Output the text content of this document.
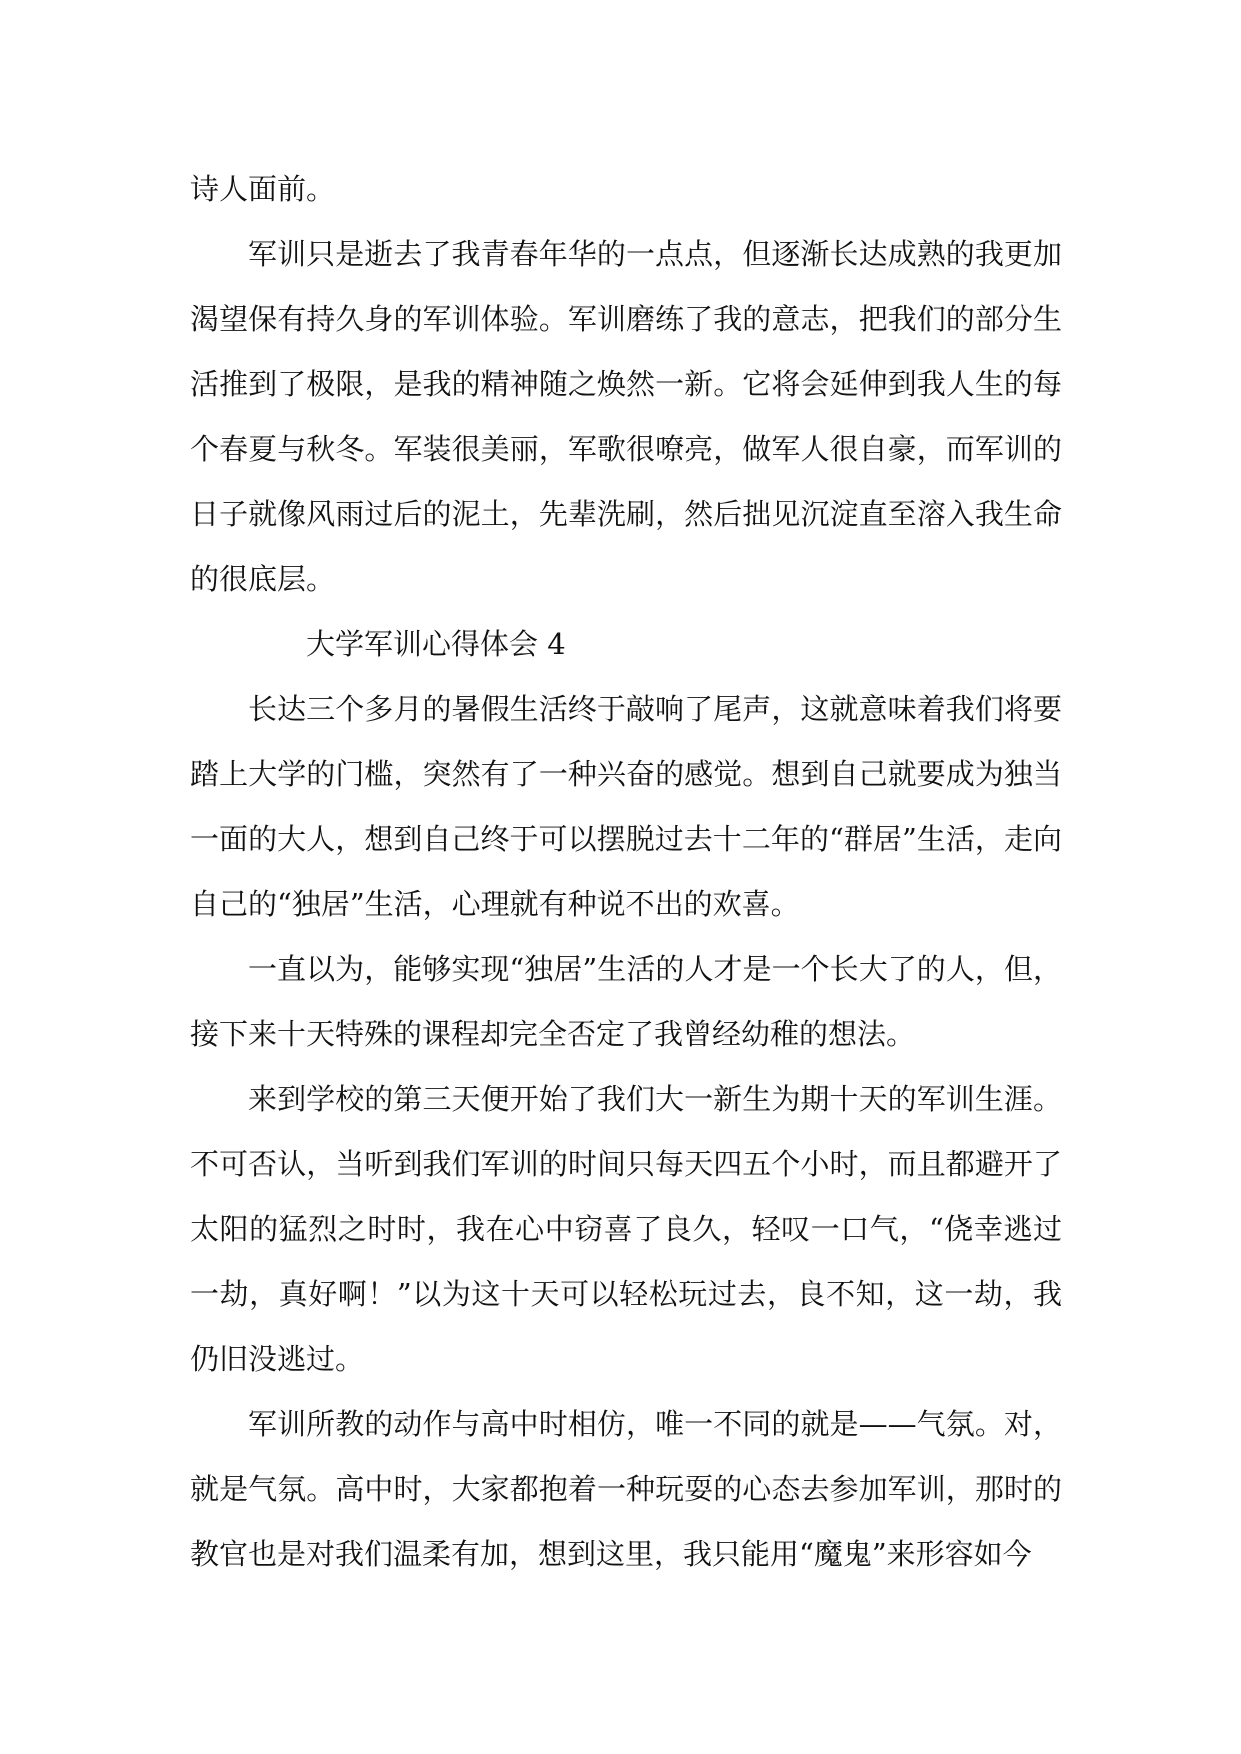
诗人面前。

军训只是逝去了我青春年华的一点点，但逐渐长达成熟的我更加渴望保有持久身的军训体验。军训磨练了我的意志，把我们的部分生活推到了极限，是我的精神随之焕然一新。它将会延伸到我人生的每个春夏与秋冬。军装很美丽，军歌很嘹亮，做军人很自豪，而军训的日子就像风雨过后的泥土，先辈洗刷，然后拙见沉淀直至溶入我生命的很底层。

大学军训心得体会 4

长达三个多月的暑假生活终于敲响了尾声，这就意味着我们将要踏上大学的门槛，突然有了一种兴奋的感觉。想到自己就要成为独当一面的大人，想到自己终于可以摆脱过去十二年的“群居”生活，走向自己的“独居”生活，心理就有种说不出的欢喜。

一直以为，能够实现“独居”生活的人才是一个长大了的人，但，接下来十天特殊的课程却完全否定了我曾经幼稚的想法。

来到学校的第三天便开始了我们大一新生为期十天的军训生涯。不可否认，当听到我们军训的时间只每天四五个小时，而且都避开了太阳的猛烈之时时，我在心中窃喜了良久，轻叹一口气，“侥幸逃过一劫，真好啊！”以为这十天可以轻松玩过去，良不知，这一劫，我仍旧没逃过。

军训所教的动作与高中时相仿，唯一不同的就是——气氛。对，就是气氛。高中时，大家都抱着一种玩耍的心态去参加军训，那时的教官也是对我们温柔有加，想到这里，我只能用“魔鬼”来形容如今
